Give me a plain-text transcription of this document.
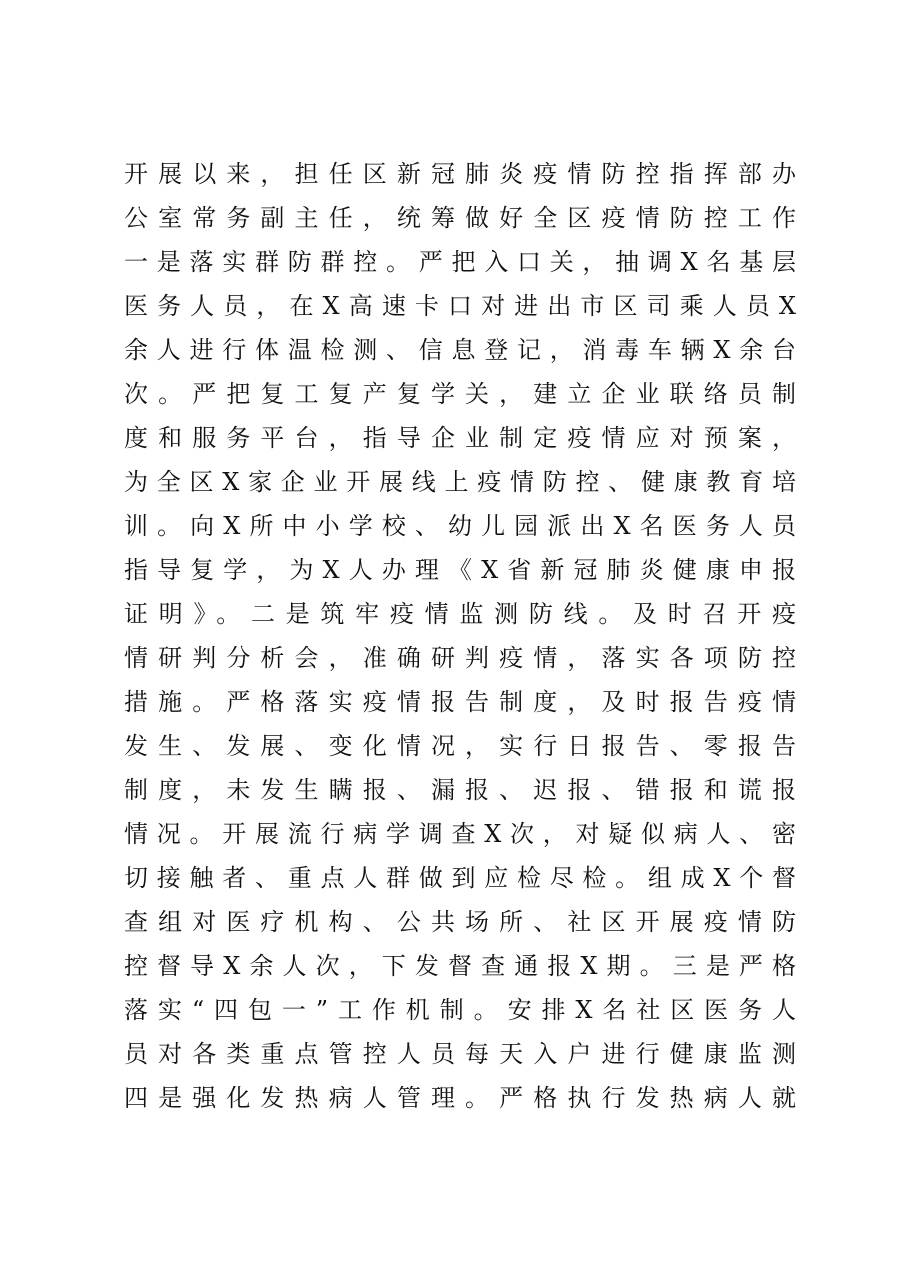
开展以来，担任区新冠肺炎疫情防控指挥部办
公室常务副主任，统筹做好全区疫情防控工作
一是落实群防群控。严把入口关，抽调X名基层
医务人员，在X高速卡口对进出市区司乘人员X
余人进行体温检测、信息登记，消毒车辆X余台
次。严把复工复产复学关，建立企业联络员制
度和服务平台，指导企业制定疫情应对预案，
为全区X家企业开展线上疫情防控、健康教育培
训。向X所中小学校、幼儿园派出X名医务人员
指导复学，为X人办理《X省新冠肺炎健康申报
证明》。二是筑牢疫情监测防线。及时召开疫
情研判分析会，准确研判疫情，落实各项防控
措施。严格落实疫情报告制度，及时报告疫情
发生、发展、变化情况，实行日报告、零报告
制度，未发生瞒报、漏报、迟报、错报和谎报
情况。开展流行病学调查X次，对疑似病人、密
切接触者、重点人群做到应检尽检。组成X个督
查组对医疗机构、公共场所、社区开展疫情防
控督导X余人次，下发督查通报X期。三是严格
落实“四包一”工作机制。安排X名社区医务人
员对各类重点管控人员每天入户进行健康监测
四是强化发热病人管理。严格执行发热病人就
